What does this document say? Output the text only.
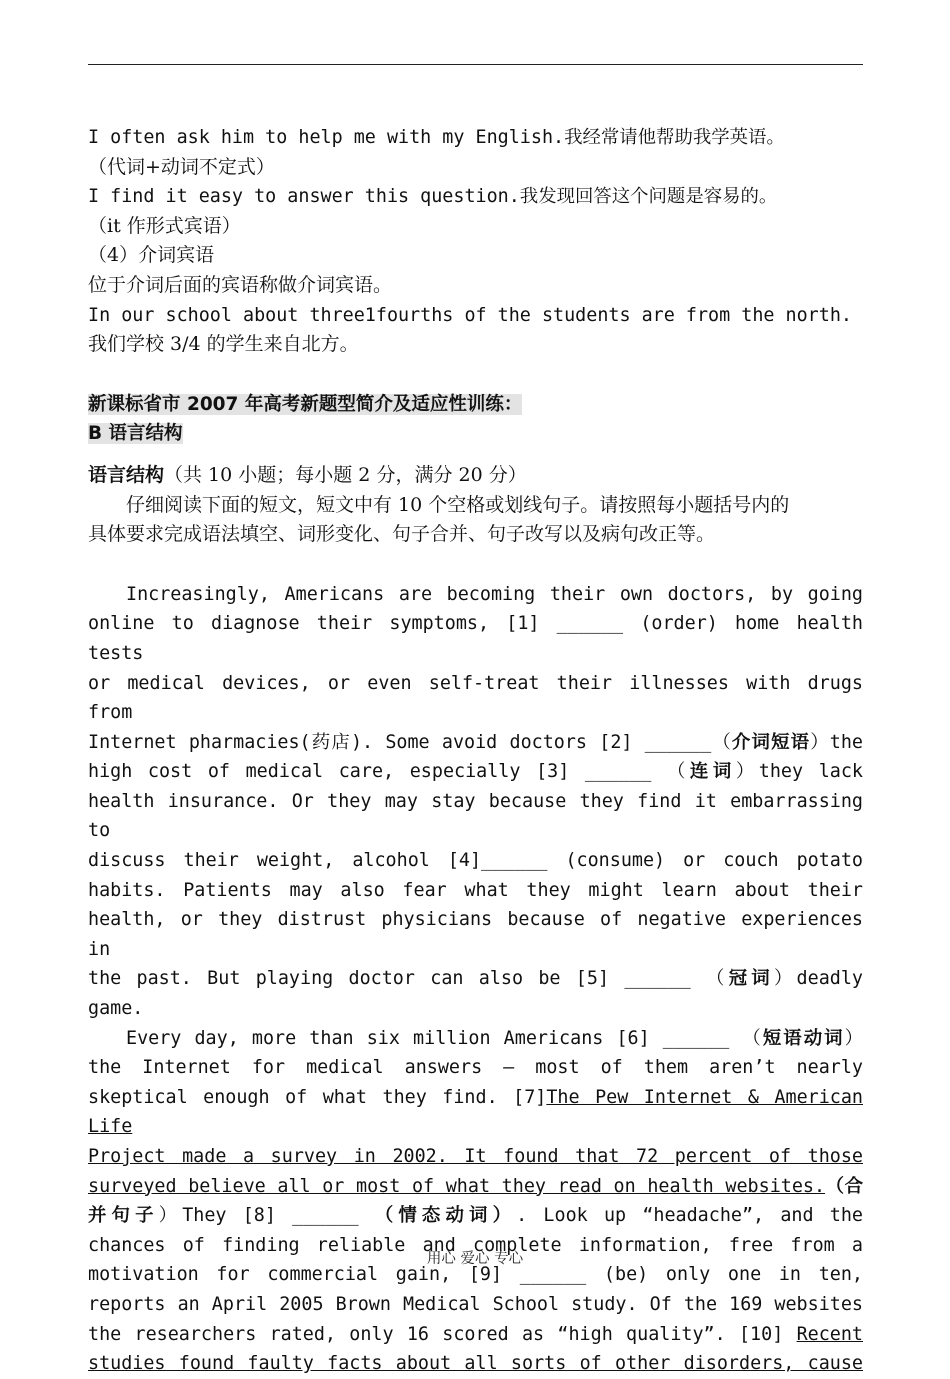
I often ask him to help me with my English.我经常请他帮助我学英语。
（代词+动词不定式）
I find it easy to answer this question.我发现回答这个问题是容易的。
（it 作形式宾语）
（4）介词宾语
位于介词后面的宾语称做介词宾语。
In our school about three1fourths of the students are from the north.
我们学校 3/4 的学生来自北方。
新课标省市 2007 年高考新题型简介及适应性训练：
B 语言结构
语言结构（共 10 小题；每小题 2 分，满分 20 分）
仔细阅读下面的短文，短文中有 10 个空格或划线句子。请按照每小题括号内的
具体要求完成语法填空、词形变化、句子合并、句子改写以及病句改正等。
Increasingly, Americans are becoming their own doctors, by going
online to diagnose their symptoms, [1] ______ (order) home health tests
or medical devices, or even self-treat their illnesses with drugs from
Internet pharmacies(药店). Some avoid doctors [2] ______（介词短语）the
high cost of medical care, especially [3] ______ （连词）they lack
health insurance. Or they may stay because they find it embarrassing to
discuss their weight, alcohol [4]______ (consume) or couch potato
habits. Patients may also fear what they might learn about their
health, or they distrust physicians because of negative experiences in
the past. But playing doctor can also be [5] ______ （冠词）deadly game.
Every day, more than six million Americans [6] ______ （短语动词）
the Internet for medical answers – most of them aren’t nearly
skeptical enough of what they find. [7]The Pew Internet & American Life
Project made a survey in 2002. It found that 72 percent of those
surveyed believe all or most of what they read on health websites.（合
并句子）They [8] ______ （情态动词）. Look up “headache”, and the
chances of finding reliable and complete information, free from a
motivation for commercial gain, [9] ______ (be) only one in ten,
reports an April 2005 Brown Medical School study. Of the 169 websites
the researchers rated, only 16 scored as “high quality”. [10] Recent
studies found faulty facts about all sorts of other disorders, cause
用心 爱心 专心
